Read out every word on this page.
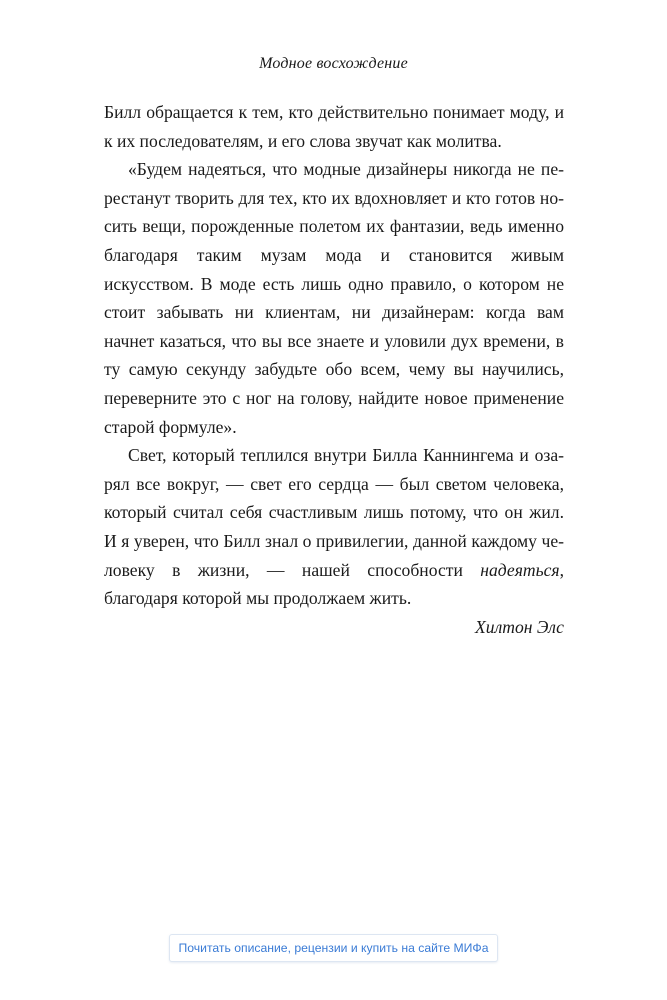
Модное восхождение

Билл обращается к тем, кто действительно понимает моду, и к их последователям, и его слова звучат как молитва.

«Будем надеяться, что модные дизайнеры никогда не перестанут творить для тех, кто их вдохновляет и кто готов носить вещи, порожденные полетом их фантазии, ведь именно благодаря таким музам мода и становится живым искусством. В моде есть лишь одно правило, о котором не стоит забывать ни клиентам, ни дизайнерам: когда вам начнет казаться, что вы все знаете и уловили дух времени, в ту самую секунду забудьте обо всем, чему вы научились, переверните это с ног на голову, найдите новое применение старой формуле».

Свет, который теплился внутри Билла Каннингема и озарял все вокруг, — свет его сердца — был светом человека, который считал себя счастливым лишь потому, что он жил. И я уверен, что Билл знал о привилегии, данной каждому человеку в жизни, — нашей способности надеяться, благодаря которой мы продолжаем жить.

Хилтон Элс

Почитать описание, рецензии и купить на сайте МИФа
